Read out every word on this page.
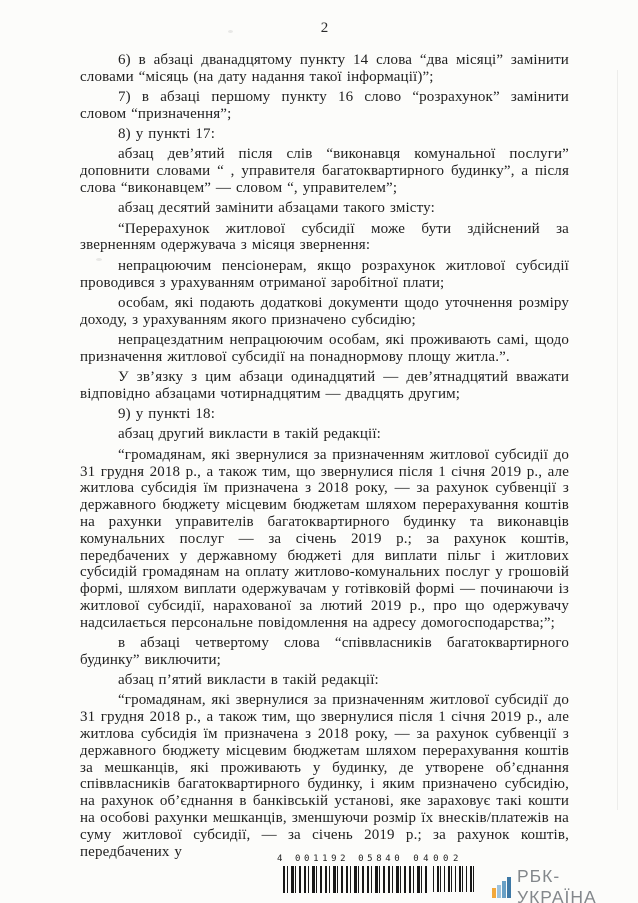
2

6) в абзаці дванадцятому пункту 14 слова “два місяці” замінити словами “місяць (на дату надання такої інформації)”;

7) в абзаці першому пункту 16 слово “розрахунок” замінити словом “призначення”;

8) у пункті 17:

абзац дев’ятий після слів “виконавця комунальної послуги” доповнити словами “ , управителя багатоквартирного будинку”, а після слова “виконавцем” — словом “, управителем”;

абзац десятий замінити абзацами такого змісту:

“Перерахунок житлової субсидії може бути здійснений за зверненням одержувача з місяця звернення:

непрацюючим пенсіонерам, якщо розрахунок житлової субсидії проводився з урахуванням отриманої заробітної плати;

особам, які подають додаткові документи щодо уточнення розміру доходу, з урахуванням якого призначено субсидію;

непрацездатним непрацюючим особам, які проживають самі, щодо призначення житлової субсидії на понаднормову площу житла.”.

У зв’язку з цим абзаци одинадцятий — дев’ятнадцятий вважати відповідно абзацами чотирнадцятим — двадцять другим;

9) у пункті 18:

абзац другий викласти в такій редакції:

“громадянам, які звернулися за призначенням житлової субсидії до 31 грудня 2018 р., а також тим, що звернулися після 1 січня 2019 р., але житлова субсидія їм призначена з 2018 року, — за рахунок субвенції з державного бюджету місцевим бюджетам шляхом перерахування коштів на рахунки управителів багатоквартирного будинку та виконавців комунальних послуг — за січень 2019 р.; за рахунок коштів, передбачених у державному бюджеті для виплати пільг і житлових субсидій громадянам на оплату житлово-комунальних послуг у грошовій формі, шляхом виплати одержувачам у готівковій формі — починаючи із житлової субсидії, нарахованої за лютий 2019 р., про що одержувачу надсилається персональне повідомлення на адресу домогосподарства;”;

в абзаці четвертому слова “співвласників багатоквартирного будинку” виключити;

абзац п’ятий викласти в такій редакції:

“громадянам, які звернулися за призначенням житлової субсидії до 31 грудня 2018 р., а також тим, що звернулися після 1 січня 2019 р., але житлова субсидія їм призначена з 2018 року, — за рахунок субвенції з державного бюджету місцевим бюджетам шляхом перерахування коштів за мешканців, які проживають у будинку, де утворене об’єднання співвласників багатоквартирного будинку, і яким призначено субсидію, на рахунок об’єднання в банківській установі, яке зараховує такі кошти на особові рахунки мешканців, зменшуючи розмір їх внесків/платежів на суму житлової субсидії, — за січень 2019 р.; за рахунок коштів, передбачених у	4 001192 05840 04002
РБК-УКРАЇНА
